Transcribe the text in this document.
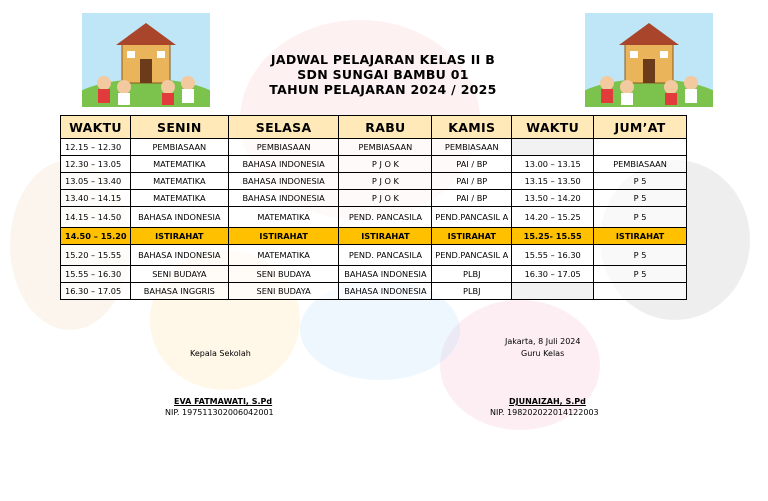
JADWAL PELAJARAN KELAS II B
SDN SUNGAI BAMBU 01
TAHUN PELAJARAN 2024 / 2025
WAKTU	SENIN	SELASA	RABU	KAMIS	WAKTU	JUM’AT
12.15 – 12.30	PEMBIASAAN	PEMBIASAAN	PEMBIASAAN	PEMBIASAAN		
12.30 – 13.05	MATEMATIKA	BAHASA INDONESIA	P J O K	PAI / BP	13.00 – 13.15	PEMBIASAAN
13.05 – 13.40	MATEMATIKA	BAHASA INDONESIA	P J O K	PAI / BP	13.15 – 13.50	P 5
13.40 – 14.15	MATEMATIKA	BAHASA INDONESIA	P J O K	PAI / BP	13.50 – 14.20	P 5
14.15 – 14.50	BAHASA INDONESIA	MATEMATIKA	PEND. PANCASILA	PEND.PANCASIL A	14.20 – 15.25	P 5
14.50 – 15.20	ISTIRAHAT	ISTIRAHAT	ISTIRAHAT	ISTIRAHAT	15.25- 15.55	ISTIRAHAT
15.20 – 15.55	BAHASA INDONESIA	MATEMATIKA	PEND. PANCASILA	PEND.PANCASIL A	15.55 – 16.30	P 5
15.55 – 16.30	SENI BUDAYA	SENI BUDAYA	BAHASA INDONESIA	PLBJ	16.30 – 17.05	P 5
16.30 – 17.05	BAHASA INGGRIS	SENI BUDAYA	BAHASA INDONESIA	PLBJ		
Kepala Sekolah
EVA FATMAWATI, S.Pd
NIP. 197511302006042001
Jakarta, 8 Juli 2024
Guru Kelas
DJUNAIZAH, S.Pd
NIP. 198202022014122003
